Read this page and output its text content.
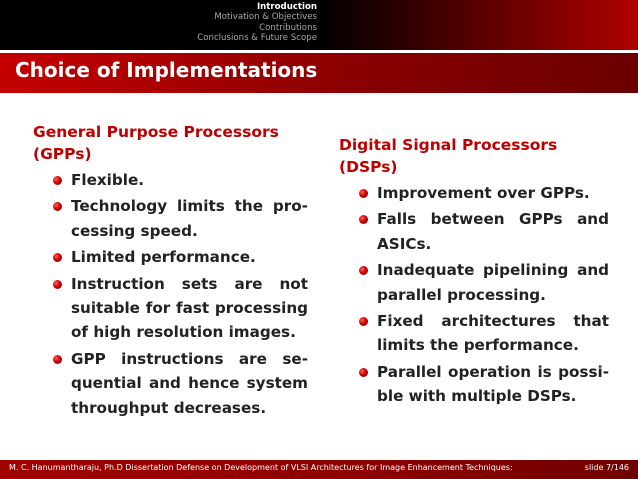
Introduction
Motivation & Objectives
Contributions
Conclusions & Future Scope
Choice of Implementations
General Purpose Processors
(GPPs)
Flexible.
Technology limits the pro-cessing speed.
Limited performance.
Instruction sets are not suitable for fast processing of high resolution images.
GPP instructions are se-quential and hence system throughput decreases.
Digital Signal Processors
(DSPs)
Improvement over GPPs.
Falls between GPPs and ASICs.
Inadequate pipelining and parallel processing.
Fixed architectures that limits the performance.
Parallel operation is possi-ble with multiple DSPs.
M. C. Hanumantharaju, Ph.D Dissertation Defense on Development of VLSI Architectures for Image Enhancement Techniques:	slide 7/146
